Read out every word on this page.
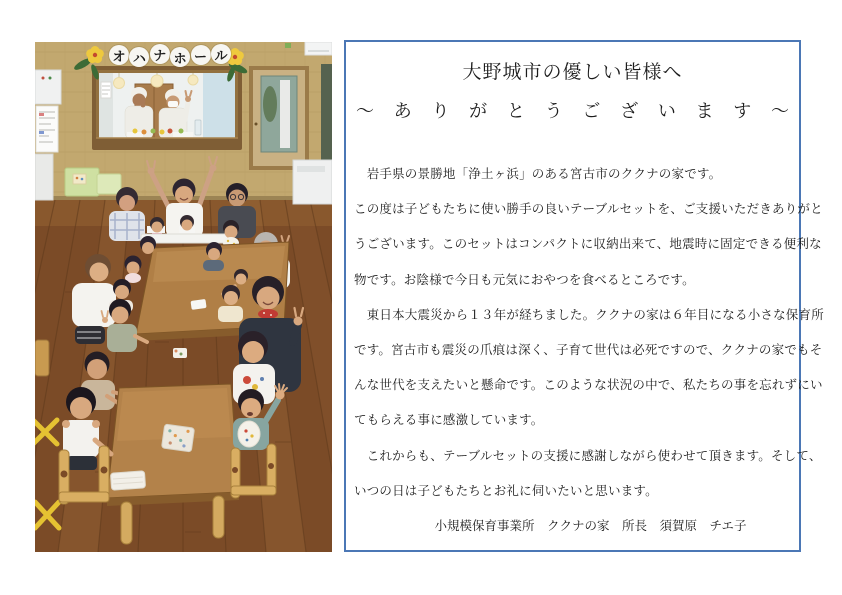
オ ハ ナ ホ ー ル
大野城市の優しい皆様へ
～ あ り が と う ご ざ い ま す ～
　岩手県の景勝地「浄土ヶ浜」のある宮古市のククナの家です。
この度は子どもたちに使い勝手の良いテーブルセットを、ご支援いただきありがと
うございます。このセットはコンパクトに収納出来て、地震時に固定できる便利な
物です。お陰様で今日も元気におやつを食べるところです。
　東日本大震災から１３年が経ちました。ククナの家は６年目になる小さな保育所
です。宮古市も震災の爪痕は深く、子育て世代は必死ですので、ククナの家でもそ
んな世代を支えたいと懸命です。このような状況の中で、私たちの事を忘れずにい
てもらえる事に感激しています。
　これからも、テーブルセットの支援に感謝しながら使わせて頂きます。そして、
いつの日は子どもたちとお礼に伺いたいと思います。
小規模保育事業所　ククナの家　所長　須賀原　チエ子
